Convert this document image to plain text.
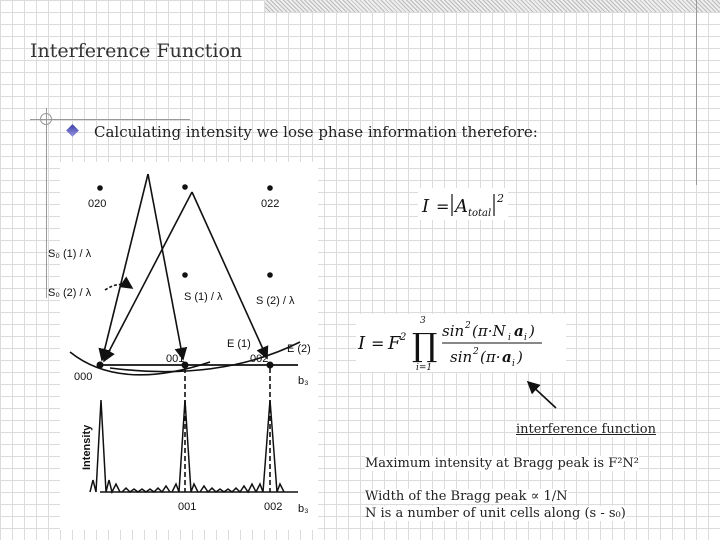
Interference Function
Calculating intensity we lose phase information therefore:
020	022
000
001	002
S₀ (1) / λ
S₀ (2) / λ	S (1) / λ	S (2) / λ
E (1)	E (2)
b₃
Intensity
001	002 b₃
I = A total
2
I = F 2 ∏
3
i=1
sin 2 (π·N i a i )
sin 2 (π· a i )
interference function
Maximum intensity at Bragg peak is F²N²
Width of the Bragg peak ∝ 1/N
N is a number of unit cells along (s - s₀)
